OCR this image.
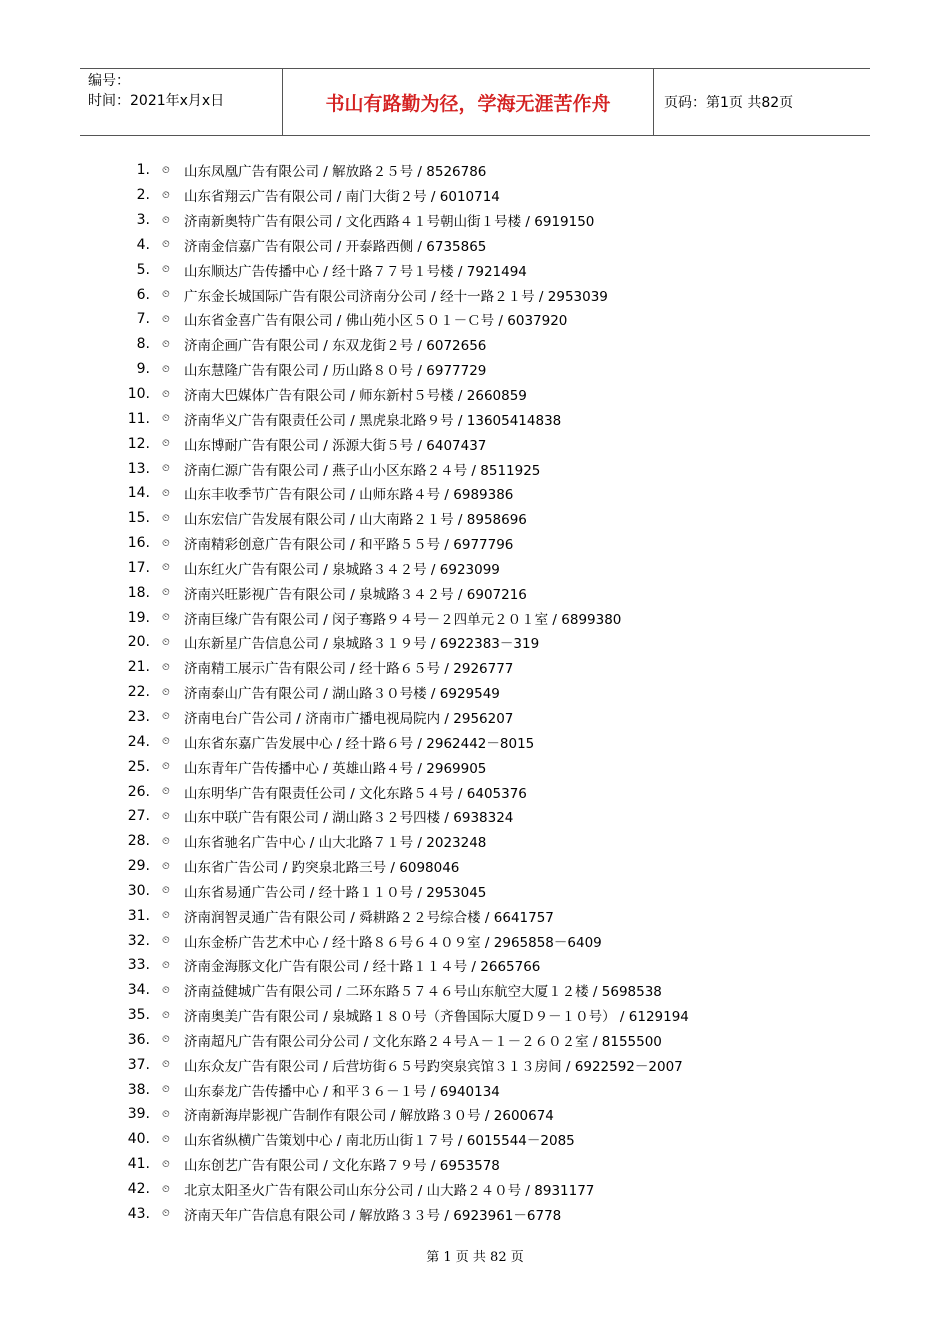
编号：
时间：2021年x月x日	书山有路勤为径，学海无涯苦作舟	页码：第1页 共82页
1.	⏲	山东凤凰广告有限公司 / 解放路２５号 / 8526786
2.	⏲	山东省翔云广告有限公司 / 南门大街２号 / 6010714
3.	⏲	济南新奥特广告有限公司 / 文化西路４１号朝山街１号楼 / 6919150
4.	⏲	济南金信嘉广告有限公司 / 开泰路西侧 / 6735865
5.	⏲	山东顺达广告传播中心 / 经十路７７号１号楼 / 7921494
6.	⏲	广东金长城国际广告有限公司济南分公司 / 经十一路２１号 / 2953039
7.	⏲	山东省金喜广告有限公司 / 佛山苑小区５０１－Ｃ号 / 6037920
8.	⏲	济南企画广告有限公司 / 东双龙街２号 / 6072656
9.	⏲	山东慧隆广告有限公司 / 历山路８０号 / 6977729
10.	⏲	济南大巴媒体广告有限公司 / 师东新村５号楼 / 2660859
11.	⏲	济南华义广告有限责任公司 / 黑虎泉北路９号 / 13605414838
12.	⏲	山东博耐广告有限公司 / 泺源大街５号 / 6407437
13.	⏲	济南仁源广告有限公司 / 燕子山小区东路２４号 / 8511925
14.	⏲	山东丰收季节广告有限公司 / 山师东路４号 / 6989386
15.	⏲	山东宏信广告发展有限公司 / 山大南路２１号 / 8958696
16.	⏲	济南精彩创意广告有限公司 / 和平路５５号 / 6977796
17.	⏲	山东红火广告有限公司 / 泉城路３４２号 / 6923099
18.	⏲	济南兴旺影视广告有限公司 / 泉城路３４２号 / 6907216
19.	⏲	济南巨缘广告有限公司 / 闵子骞路９４号－２四单元２０１室 / 6899380
20.	⏲	山东新星广告信息公司 / 泉城路３１９号 / 6922383－319
21.	⏲	济南精工展示广告有限公司 / 经十路６５号 / 2926777
22.	⏲	济南泰山广告有限公司 / 湖山路３０号楼 / 6929549
23.	⏲	济南电台广告公司 / 济南市广播电视局院内 / 2956207
24.	⏲	山东省东嘉广告发展中心 / 经十路６号 / 2962442－8015
25.	⏲	山东青年广告传播中心 / 英雄山路４号 / 2969905
26.	⏲	山东明华广告有限责任公司 / 文化东路５４号 / 6405376
27.	⏲	山东中联广告有限公司 / 湖山路３２号四楼 / 6938324
28.	⏲	山东省驰名广告中心 / 山大北路７１号 / 2023248
29.	⏲	山东省广告公司 / 趵突泉北路三号 / 6098046
30.	⏲	山东省易通广告公司 / 经十路１１０号 / 2953045
31.	⏲	济南润智灵通广告有限公司 / 舜耕路２２号综合楼 / 6641757
32.	⏲	山东金桥广告艺术中心 / 经十路８６号６４０９室 / 2965858－6409
33.	⏲	济南金海豚文化广告有限公司 / 经十路１１４号 / 2665766
34.	⏲	济南益健城广告有限公司 / 二环东路５７４６号山东航空大厦１２楼 / 5698538
35.	⏲	济南奥美广告有限公司 / 泉城路１８０号（齐鲁国际大厦Ｄ９－１０号） / 6129194
36.	⏲	济南超凡广告有限公司分公司 / 文化东路２４号Ａ－１－２６０２室 / 8155500
37.	⏲	山东众友广告有限公司 / 后营坊街６５号趵突泉宾馆３１３房间 / 6922592－2007
38.	⏲	山东泰龙广告传播中心 / 和平３６－１号 / 6940134
39.	⏲	济南新海岸影视广告制作有限公司 / 解放路３０号 / 2600674
40.	⏲	山东省纵横广告策划中心 / 南北历山街１７号 / 6015544－2085
41.	⏲	山东创艺广告有限公司 / 文化东路７９号 / 6953578
42.	⏲	北京太阳圣火广告有限公司山东分公司 / 山大路２４０号 / 8931177
43.	⏲	济南天年广告信息有限公司 / 解放路３３号 / 6923961－6778
第 1 页 共 82 页
